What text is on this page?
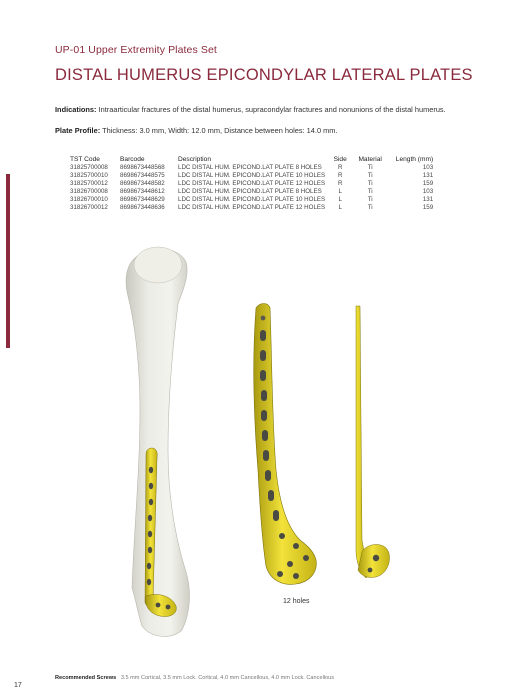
UP-01 Upper Extremity Plates Set
DISTAL HUMERUS EPICONDYLAR LATERAL PLATES
Indications: Intraarticular fractures of the distal humerus, supracondylar fractures and nonunions of the distal humerus.
Plate Profile: Thickness: 3.0 mm, Width: 12.0 mm, Distance between holes: 14.0 mm.
TST Code	Barcode	Description	Side	Material	Length (mm)
31825700008	8698673448568	LDC DISTAL HUM. EPICOND.LAT PLATE 8 HOLES	R	Ti	103
31825700010	8698673448575	LDC DISTAL HUM. EPICOND.LAT PLATE 10 HOLES	R	Ti	131
31825700012	8698673448582	LDC DISTAL HUM. EPICOND.LAT PLATE 12 HOLES	R	Ti	159
31826700008	8698673448612	LDC DISTAL HUM. EPICOND.LAT PLATE 8 HOLES	L	Ti	103
31826700010	8698673448629	LDC DISTAL HUM. EPICOND.LAT PLATE 10 HOLES	L	Ti	131
31826700012	8698673448636	LDC DISTAL HUM. EPICOND.LAT PLATE 12 HOLES	L	Ti	159
12 holes
Recommended Screws 3.5 mm Cortical, 3.5 mm Lock. Cortical, 4.0 mm Cancellous, 4.0 mm Lock. Cancellous
17
